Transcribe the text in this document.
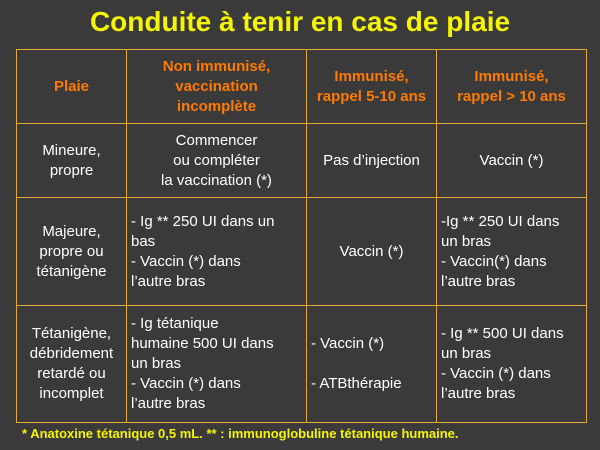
Conduite à tenir en cas de plaie
Plaie	Non immunisé,
vaccination
incomplète	Immunisé,
rappel 5-10 ans	Immunisé,
rappel > 10 ans

Mineure,
propre	Commencer
ou compléter
la vaccination (*)	Pas d’injection	Vaccin (*)

Majeure,
propre ou
tétanigène	- Ig ** 250 UI dans un
bas
- Vaccin (*) dans
l’autre bras	Vaccin (*)	-Ig ** 250 UI dans
un bras
- Vaccin(*) dans
l’autre bras

Tétanigène,
débridement
retardé ou
incomplet	- Ig tétanique
humaine 500 UI dans
un bras
- Vaccin (*) dans
l’autre bras	- Vaccin (*)
- ATBthérapie	- Ig ** 500 UI dans
un bras
- Vaccin (*) dans
l’autre bras
* Anatoxine tétanique 0,5 mL. ** : immunoglobuline tétanique humaine.
